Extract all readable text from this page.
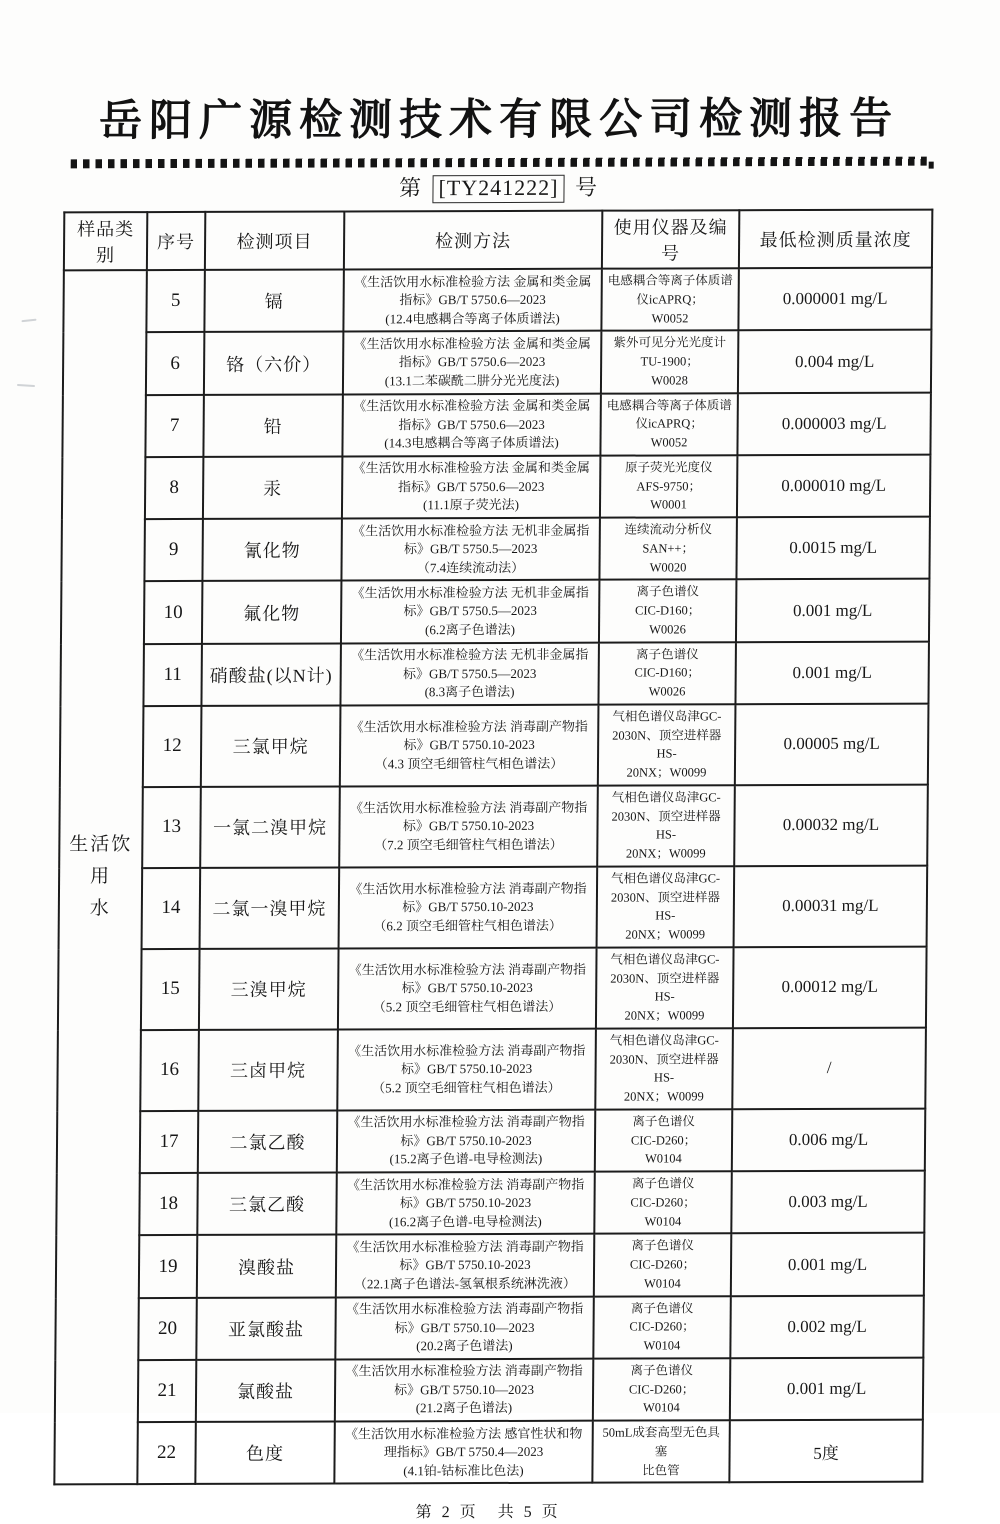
岳阳广源检测技术有限公司检测报告
第 [TY241222] 号
样品类别	序号	检测项目	检测方法	使用仪器及编号	最低检测质量浓度
生活饮用
水	5	镉	《生活饮用水标准检验方法 金属和类金属
指标》GB/T 5750.6—2023
(12.4电感耦合等离子体质谱法)	电感耦合等离子体质谱
仪icAPRQ；
W0052	0.000001 mg/L
	6	铬（六价）	《生活饮用水标准检验方法 金属和类金属
指标》GB/T 5750.6—2023
(13.1二苯碳酰二肼分光光度法)	紫外可见分光光度计
TU-1900；
W0028	0.004 mg/L
	7	铅	《生活饮用水标准检验方法 金属和类金属
指标》GB/T 5750.6—2023
(14.3电感耦合等离子体质谱法)	电感耦合等离子体质谱
仪icAPRQ；
W0052	0.000003 mg/L
	8	汞	《生活饮用水标准检验方法 金属和类金属
指标》GB/T 5750.6—2023
(11.1原子荧光法)	原子荧光光度仪
AFS-9750；
W0001	0.000010 mg/L
	9	氰化物	《生活饮用水标准检验方法 无机非金属指
标》GB/T 5750.5—2023
（7.4连续流动法）	连续流动分析仪
SAN++；
W0020	0.0015 mg/L
	10	氟化物	《生活饮用水标准检验方法 无机非金属指
标》GB/T 5750.5—2023
(6.2离子色谱法)	离子色谱仪
CIC-D160；
W0026	0.001 mg/L
	11	硝酸盐(以N计)	《生活饮用水标准检验方法 无机非金属指
标》GB/T 5750.5—2023
(8.3离子色谱法)	离子色谱仪
CIC-D160；
W0026	0.001 mg/L
	12	三氯甲烷	《生活饮用水标准检验方法 消毒副产物指
标》GB/T 5750.10-2023
（4.3 顶空毛细管柱气相色谱法）	气相色谱仪岛津GC-
2030N、顶空进样器HS-
20NX；W0099	0.00005 mg/L
	13	一氯二溴甲烷	《生活饮用水标准检验方法 消毒副产物指
标》GB/T 5750.10-2023
（7.2 顶空毛细管柱气相色谱法）	气相色谱仪岛津GC-
2030N、顶空进样器HS-
20NX；W0099	0.00032 mg/L
	14	二氯一溴甲烷	《生活饮用水标准检验方法 消毒副产物指
标》GB/T 5750.10-2023
（6.2 顶空毛细管柱气相色谱法）	气相色谱仪岛津GC-
2030N、顶空进样器HS-
20NX；W0099	0.00031 mg/L
	15	三溴甲烷	《生活饮用水标准检验方法 消毒副产物指
标》GB/T 5750.10-2023
（5.2 顶空毛细管柱气相色谱法）	气相色谱仪岛津GC-
2030N、顶空进样器HS-
20NX；W0099	0.00012 mg/L
	16	三卤甲烷	《生活饮用水标准检验方法 消毒副产物指
标》GB/T 5750.10-2023
（5.2 顶空毛细管柱气相色谱法）	气相色谱仪岛津GC-
2030N、顶空进样器HS-
20NX；W0099	/
	17	二氯乙酸	《生活饮用水标准检验方法 消毒副产物指
标》GB/T 5750.10-2023
(15.2离子色谱-电导检测法)	离子色谱仪
CIC-D260；
W0104	0.006 mg/L
	18	三氯乙酸	《生活饮用水标准检验方法 消毒副产物指
标》GB/T 5750.10-2023
(16.2离子色谱-电导检测法)	离子色谱仪
CIC-D260；
W0104	0.003 mg/L
	19	溴酸盐	《生活饮用水标准检验方法 消毒副产物指
标》GB/T 5750.10-2023
（22.1离子色谱法-氢氧根系统淋洗液）	离子色谱仪
CIC-D260；
W0104	0.001 mg/L
	20	亚氯酸盐	《生活饮用水标准检验方法 消毒副产物指
标》GB/T 5750.10—2023
(20.2离子色谱法)	离子色谱仪
CIC-D260；
W0104	0.002 mg/L
	21	氯酸盐	《生活饮用水标准检验方法 消毒副产物指
标》GB/T 5750.10—2023
(21.2离子色谱法)	离子色谱仪
CIC-D260；
W0104	0.001 mg/L
	22	色度	《生活饮用水标准检验方法 感官性状和物
理指标》GB/T 5750.4—2023
(4.1铂-钴标准比色法)	50mL成套高型无色具塞
比色管	5度
第 2 页　共 5 页
